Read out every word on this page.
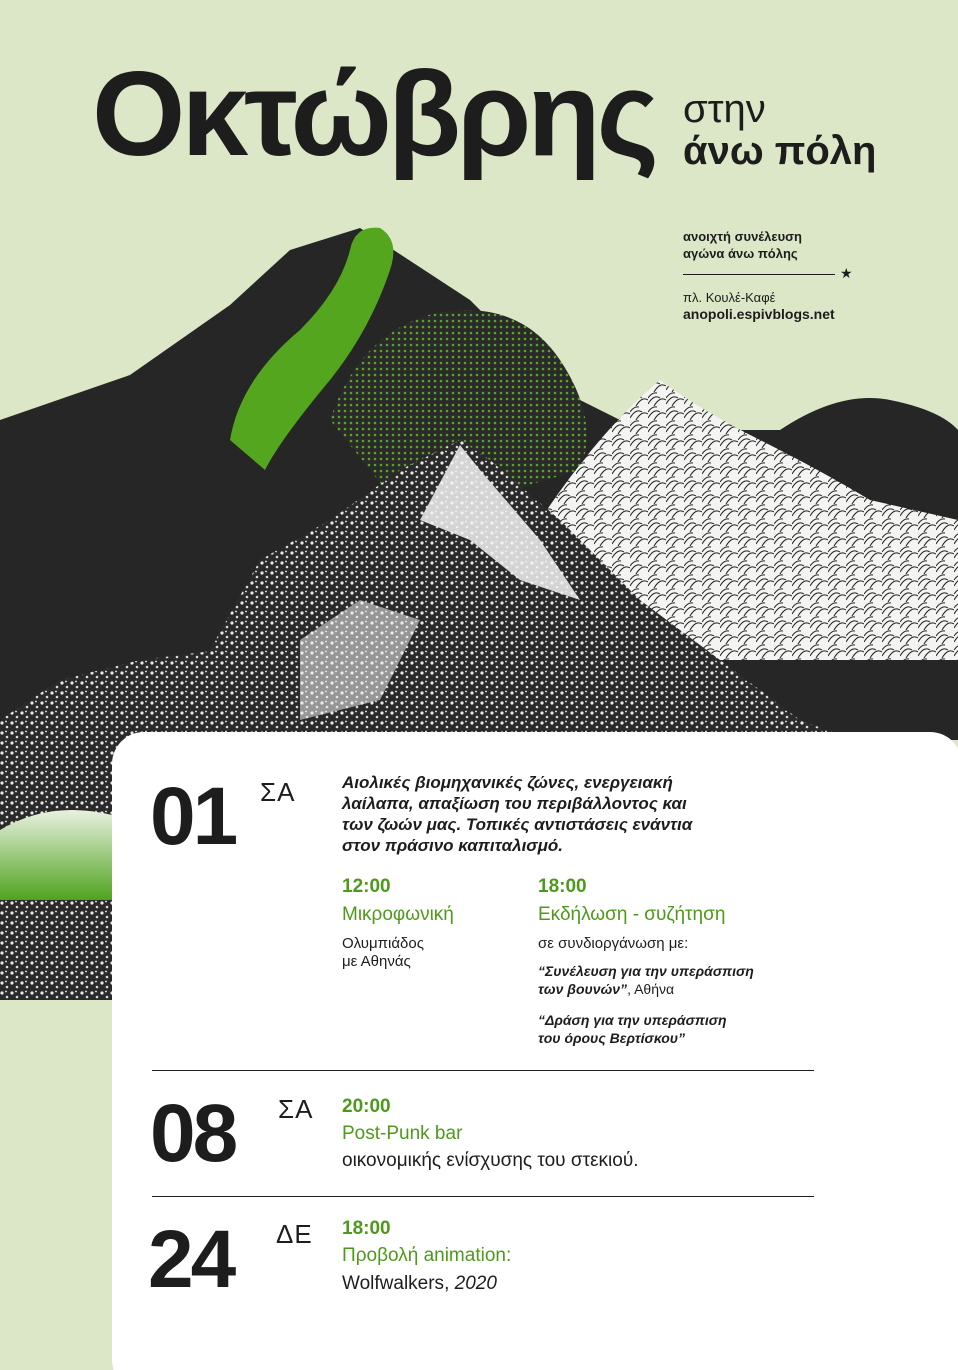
Οκτώβρης στην
άνω πόλη
ανοιχτή συνέλευση
αγώνα άνω πόλης
★
πλ. Κουλέ-Καφέ
anopoli.espivblogs.net
01 ΣΑ	Αιολικές βιομηχανικές ζώνες, ενεργειακή
λαίλαπα, απαξίωση του περιβάλλοντος και
των ζωών μας. Τοπικές αντιστάσεις ενάντια
στον πράσινο καπιταλισμό.
12:00
Μικροφωνική
Ολυμπιάδος
με Αθηνάς
18:00
Εκδήλωση - συζήτηση
σε συνδιοργάνωση με:
“Συνέλευση για την υπεράσπιση
των βουνών”, Αθήνα
“Δράση για την υπεράσπιση
του όρους Βερτίσκου”
08 ΣΑ 20:00
Post-Punk bar
οικονομικής ενίσχυσης του στεκιού.
24 ΔΕ 18:00
Προβολή animation:
Wolfwalkers, 2020
